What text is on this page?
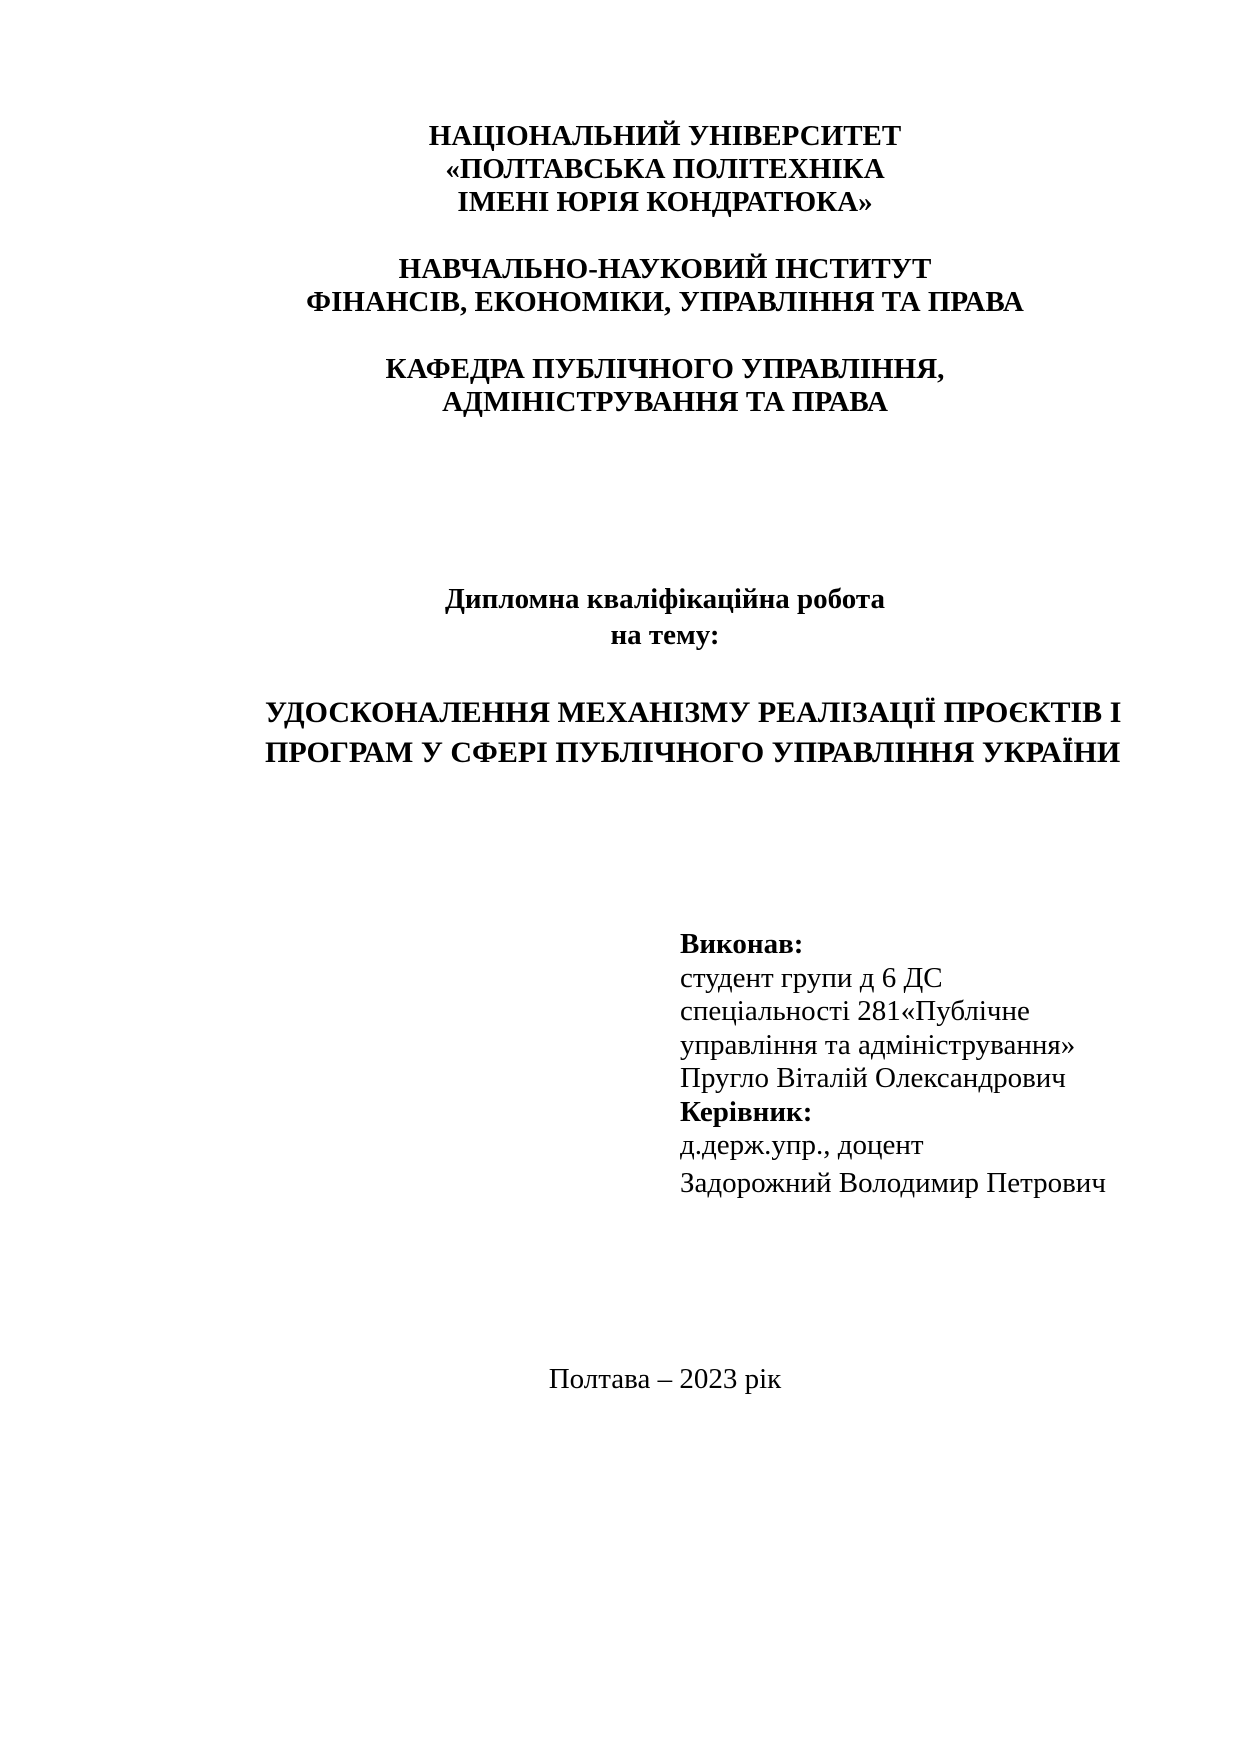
НАЦІОНАЛЬНИЙ УНІВЕРСИТЕТ
«ПОЛТАВСЬКА ПОЛІТЕХНІКА
ІМЕНІ ЮРІЯ КОНДРАТЮКА»
НАВЧАЛЬНО-НАУКОВИЙ ІНСТИТУТ
ФІНАНСІВ, ЕКОНОМІКИ, УПРАВЛІННЯ ТА ПРАВА
КАФЕДРА ПУБЛІЧНОГО УПРАВЛІННЯ,
АДМІНІСТРУВАННЯ ТА ПРАВА
Дипломна кваліфікаційна робота
на тему:
УДОСКОНАЛЕННЯ МЕХАНІЗМУ РЕАЛІЗАЦІЇ ПРОЄКТІВ І
ПРОГРАМ У СФЕРІ ПУБЛІЧНОГО УПРАВЛІННЯ УКРАЇНИ
Виконав:
студент групи д 6 ДС
спеціальності 281«Публічне
управління та адміністрування»
Пругло Віталій Олександрович
Керівник:
д.держ.упр., доцент
Задорожний Володимир Петрович
Полтава – 2023 рік
